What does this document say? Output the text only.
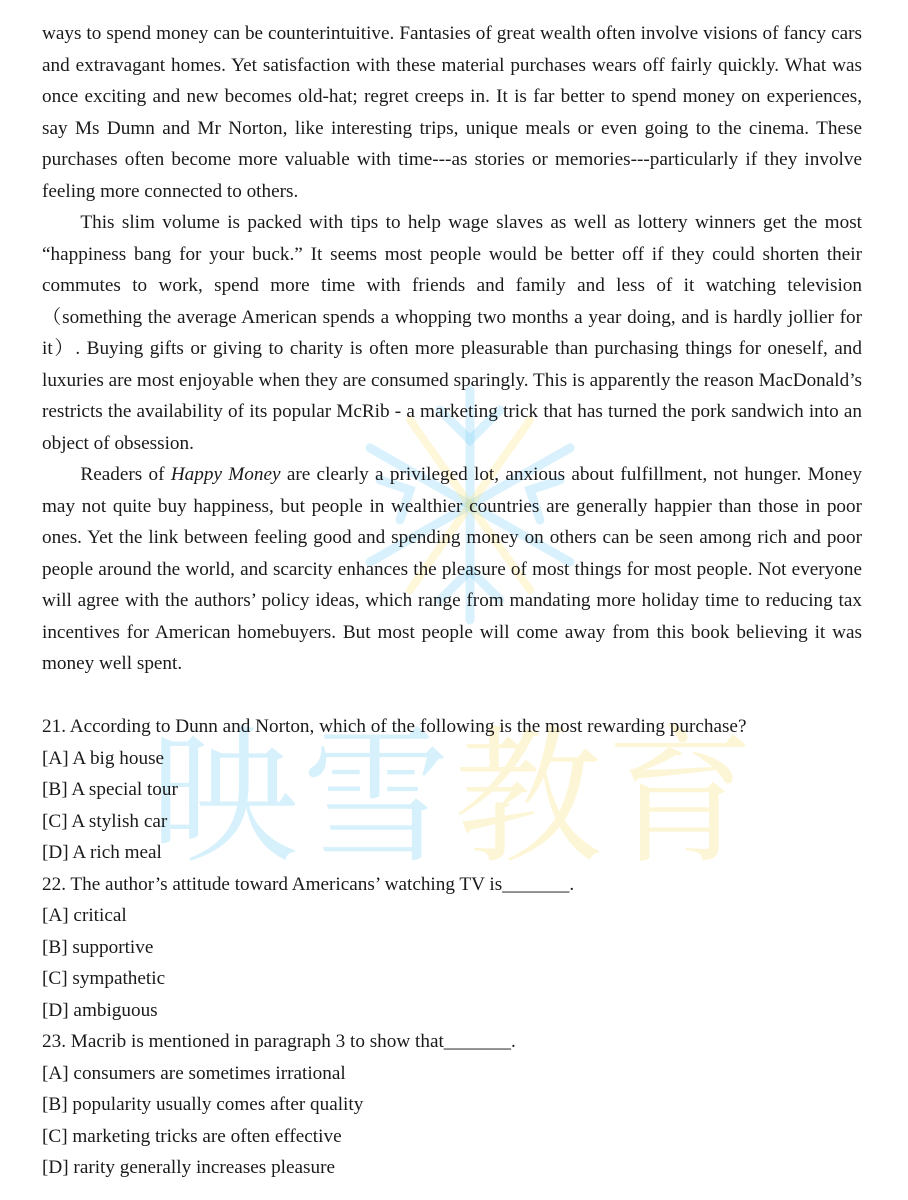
映雪教育

ways to spend money can be counterintuitive. Fantasies of great wealth often involve visions of fancy cars and extravagant homes. Yet satisfaction with these material purchases wears off fairly quickly. What was once exciting and new becomes old-hat; regret creeps in. It is far better to spend money on experiences, say Ms Dumn and Mr Norton, like interesting trips, unique meals or even going to the cinema. These purchases often become more valuable with time---as stories or memories---particularly if they involve feeling more connected to others.

This slim volume is packed with tips to help wage slaves as well as lottery winners get the most “happiness bang for your buck.” It seems most people would be better off if they could shorten their commutes to work, spend more time with friends and family and less of it watching television （something the average American spends a whopping two months a year doing, and is hardly jollier for it）. Buying gifts or giving to charity is often more pleasurable than purchasing things for oneself, and luxuries are most enjoyable when they are consumed sparingly. This is apparently the reason MacDonald’s restricts the availability of its popular McRib - a marketing trick that has turned the pork sandwich into an object of obsession.

Readers of Happy Money are clearly a privileged lot, anxious about fulfillment, not hunger. Money may not quite buy happiness, but people in wealthier countries are generally happier than those in poor ones. Yet the link between feeling good and spending money on others can be seen among rich and poor people around the world, and scarcity enhances the pleasure of most things for most people. Not everyone will agree with the authors’ policy ideas, which range from mandating more holiday time to reducing tax incentives for American homebuyers. But most people will come away from this book believing it was money well spent.

21. According to Dunn and Norton, which of the following is the most rewarding purchase?

[A] A big house

[B] A special tour

[C] A stylish car

[D] A rich meal

22. The author’s attitude toward Americans’ watching TV is_______.

[A] critical

[B] supportive

[C] sympathetic

[D] ambiguous

23. Macrib is mentioned in paragraph 3 to show that_______.

[A] consumers are sometimes irrational

[B] popularity usually comes after quality

[C] marketing tricks are often effective

[D] rarity generally increases pleasure
